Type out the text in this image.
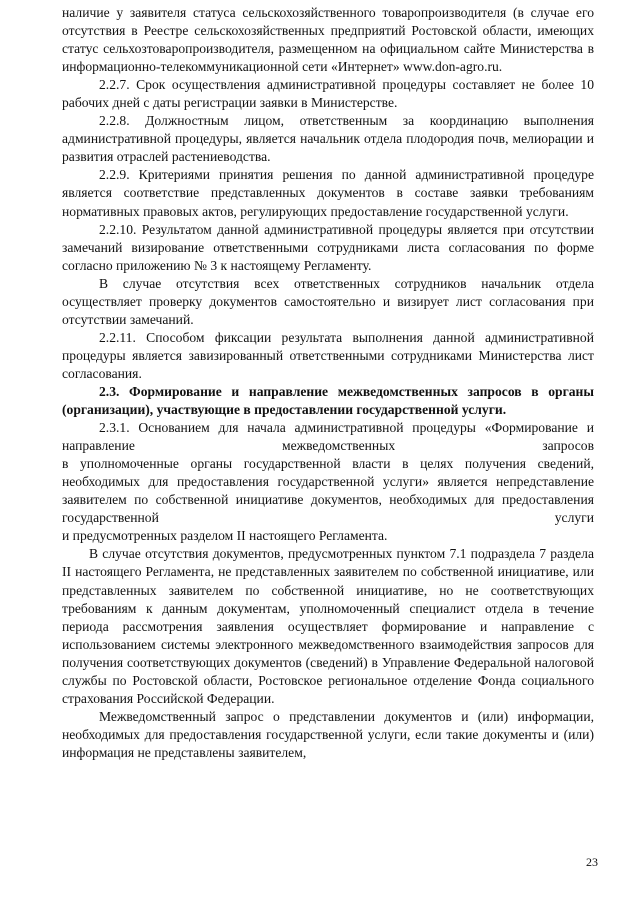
наличие у заявителя статуса сельскохозяйственного товаропроизводителя (в случае его отсутствия в Реестре сельскохозяйственных предприятий Ростовской области, имеющих статус сельхозтоваропроизводителя, размещенном на официальном сайте Министерства в информационно-телекоммуникационной сети «Интернет» www.don-agro.ru.

2.2.7. Срок осуществления административной процедуры составляет не более 10 рабочих дней с даты регистрации заявки в Министерстве.

2.2.8. Должностным лицом, ответственным за координацию выполнения административной процедуры, является начальник отдела плодородия почв, мелиорации и развития отраслей растениеводства.

2.2.9. Критериями принятия решения по данной административной процедуре является соответствие представленных документов в составе заявки требованиям нормативных правовых актов, регулирующих предоставление государственной услуги.

2.2.10. Результатом данной административной процедуры является при отсутствии замечаний визирование ответственными сотрудниками листа согласования по форме согласно приложению № 3 к настоящему Регламенту.

В случае отсутствия всех ответственных сотрудников начальник отдела осуществляет проверку документов самостоятельно и визирует лист согласования при отсутствии замечаний.

2.2.11. Способом фиксации результата выполнения данной административной процедуры является завизированный ответственными сотрудниками Министерства лист согласования.

2.3. Формирование и направление межведомственных запросов в органы (организации), участвующие в предоставлении государственной услуги.

2.3.1. Основанием для начала административной процедуры «Формирование и направление межведомственных запросов

в уполномоченные органы государственной власти в целях получения сведений, необходимых для предоставления государственной услуги» является непредставление заявителем по собственной инициативе документов, необходимых для предоставления государственной услуги

и предусмотренных разделом II настоящего Регламента.

В случае отсутствия документов, предусмотренных пунктом 7.1 подраздела 7 раздела II настоящего Регламента, не представленных заявителем по собственной инициативе, или представленных заявителем по собственной инициативе, но не соответствующих требованиям к данным документам, уполномоченный специалист отдела в течение периода рассмотрения заявления осуществляет формирование и направление с использованием системы электронного межведомственного взаимодействия запросов для получения соответствующих документов (сведений) в Управление Федеральной налоговой службы по Ростовской области, Ростовское региональное отделение Фонда социального страхования Российской Федерации.

Межведомственный запрос о представлении документов и (или) информации, необходимых для предоставления государственной услуги, если такие документы и (или) информация не представлены заявителем,

23
